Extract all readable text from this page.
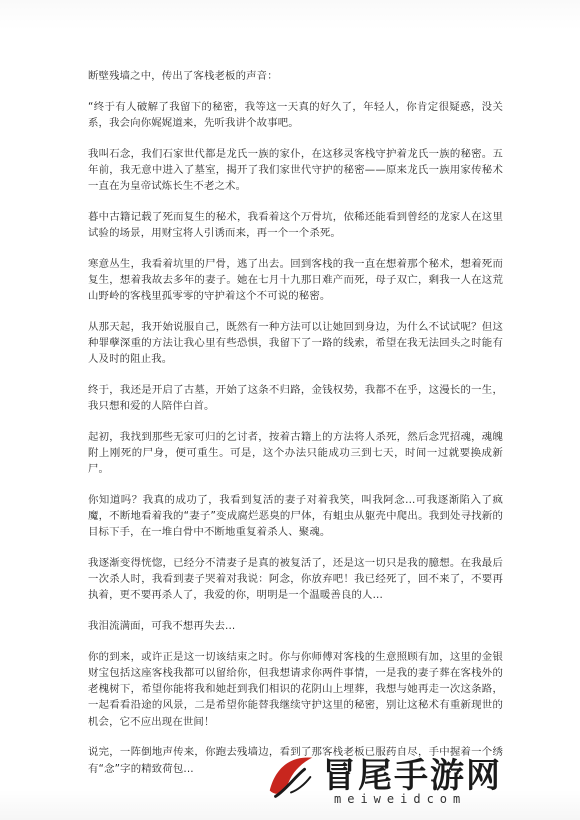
断壁残墙之中，传出了客栈老板的声音：

“终于有人破解了我留下的秘密，我等这一天真的好久了，年轻人，你肯定很疑惑，没关系，我会向你娓娓道来，先听我讲个故事吧。

我叫石念，我们石家世代都是龙氏一族的家仆，在这移灵客栈守护着龙氏一族的秘密。五年前，我无意中进入了墓室，揭开了我们家世代守护的秘密——原来龙氏一族用家传秘术一直在为皇帝试炼长生不老之术。

暮中古籍记载了死而复生的秘术，我看着这个万骨坑，依稀还能看到曾经的龙家人在这里试验的场景，用财宝将人引诱而来，再一个一个杀死。

寒意丛生，我看着坑里的尸骨，逃了出去。回到客栈的我一直在想着那个秘术，想着死而复生，想着我故去多年的妻子。她在七月十九那日难产而死，母子双亡，剩我一人在这荒山野岭的客栈里孤零零的守护着这个不可说的秘密。

从那天起，我开始说服自己，既然有一种方法可以让她回到身边，为什么不试试呢？但这种罪孽深重的方法让我心里有些恐惧，我留下了一路的线索，希望在我无法回头之时能有人及时的阻止我。

终于，我还是开启了古墓，开始了这条不归路，金钱权势，我都不在乎，这漫长的一生，我只想和爱的人陪伴白首。

起初，我找到那些无家可归的乞讨者，按着古籍上的方法将人杀死，然后念咒招魂，魂魄附上刚死的尸身，便可重生。可是，这个办法只能成功三到七天，时间一过就要换成新尸。

你知道吗？我真的成功了，我看到复活的妻子对着我笑，叫我阿念...可我逐渐陷入了疯魔，不断地看着我的“妻子”变成腐烂恶臭的尸体，有蛆虫从躯壳中爬出。我到处寻找新的目标下手，在一堆白骨中不断地重复着杀人、聚魂。

我逐渐变得恍惚，已经分不清妻子是真的被复活了，还是这一切只是我的臆想。在我最后一次杀人时，我看到妻子哭着对我说：阿念，你放弃吧！我已经死了，回不来了，不要再执着，更不要再杀人了，我爱的你，明明是一个温暖善良的人...

我泪流满面，可我不想再失去...

你的到来，或许正是这一切该结束之时。你与你师傅对客栈的生意照顾有加，这里的金银财宝包括这座客栈我都可以留给你，但我想请求你两件事情，一是我的妻子葬在客栈外的老槐树下，希望你能将我和她赶到我们相识的花阴山上埋葬，我想与她再走一次这条路，一起看看沿途的风景，二是希望你能替我继续守护这里的秘密，别让这秘术有重新现世的机会，它不应出现在世间！

说完，一阵倒地声传来，你跑去残墙边，看到了那客栈老板已服药自尽，手中握着一个绣有“念”字的精致荷包...	冒尾手游网
meiweidcom
